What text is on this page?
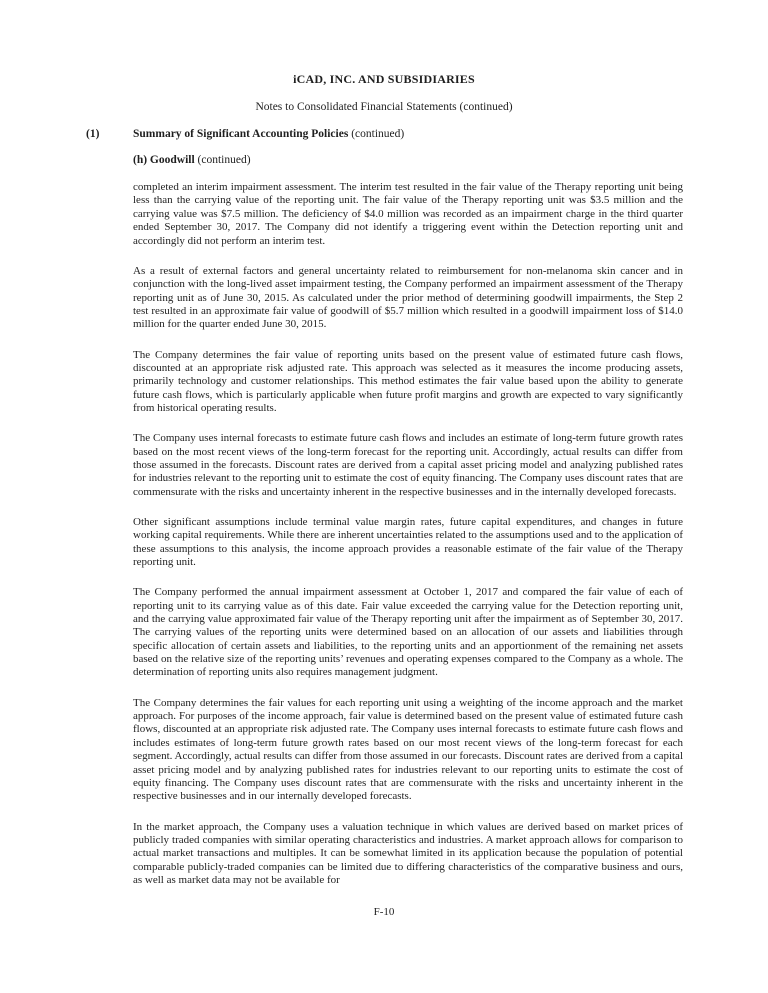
iCAD, INC. AND SUBSIDIARIES
Notes to Consolidated Financial Statements (continued)
(1)	Summary of Significant Accounting Policies (continued)
(h) Goodwill (continued)

completed an interim impairment assessment. The interim test resulted in the fair value of the Therapy reporting unit being less than the carrying value of the reporting unit. The fair value of the Therapy reporting unit was $3.5 million and the carrying value was $7.5 million. The deficiency of $4.0 million was recorded as an impairment charge in the third quarter ended September 30, 2017. The Company did not identify a triggering event within the Detection reporting unit and accordingly did not perform an interim test.

As a result of external factors and general uncertainty related to reimbursement for non-melanoma skin cancer and in conjunction with the long-lived asset impairment testing, the Company performed an impairment assessment of the Therapy reporting unit as of June 30, 2015. As calculated under the prior method of determining goodwill impairments, the Step 2 test resulted in an approximate fair value of goodwill of $5.7 million which resulted in a goodwill impairment loss of $14.0 million for the quarter ended June 30, 2015.

The Company determines the fair value of reporting units based on the present value of estimated future cash flows, discounted at an appropriate risk adjusted rate. This approach was selected as it measures the income producing assets, primarily technology and customer relationships. This method estimates the fair value based upon the ability to generate future cash flows, which is particularly applicable when future profit margins and growth are expected to vary significantly from historical operating results.

The Company uses internal forecasts to estimate future cash flows and includes an estimate of long-term future growth rates based on the most recent views of the long-term forecast for the reporting unit. Accordingly, actual results can differ from those assumed in the forecasts. Discount rates are derived from a capital asset pricing model and analyzing published rates for industries relevant to the reporting unit to estimate the cost of equity financing. The Company uses discount rates that are commensurate with the risks and uncertainty inherent in the respective businesses and in the internally developed forecasts.

Other significant assumptions include terminal value margin rates, future capital expenditures, and changes in future working capital requirements. While there are inherent uncertainties related to the assumptions used and to the application of these assumptions to this analysis, the income approach provides a reasonable estimate of the fair value of the Therapy reporting unit.

The Company performed the annual impairment assessment at October 1, 2017 and compared the fair value of each of reporting unit to its carrying value as of this date. Fair value exceeded the carrying value for the Detection reporting unit, and the carrying value approximated fair value of the Therapy reporting unit after the impairment as of September 30, 2017. The carrying values of the reporting units were determined based on an allocation of our assets and liabilities through specific allocation of certain assets and liabilities, to the reporting units and an apportionment of the remaining net assets based on the relative size of the reporting units’ revenues and operating expenses compared to the Company as a whole. The determination of reporting units also requires management judgment.

The Company determines the fair values for each reporting unit using a weighting of the income approach and the market approach. For purposes of the income approach, fair value is determined based on the present value of estimated future cash flows, discounted at an appropriate risk adjusted rate. The Company uses internal forecasts to estimate future cash flows and includes estimates of long-term future growth rates based on our most recent views of the long-term forecast for each segment. Accordingly, actual results can differ from those assumed in our forecasts. Discount rates are derived from a capital asset pricing model and by analyzing published rates for industries relevant to our reporting units to estimate the cost of equity financing. The Company uses discount rates that are commensurate with the risks and uncertainty inherent in the respective businesses and in our internally developed forecasts.

In the market approach, the Company uses a valuation technique in which values are derived based on market prices of publicly traded companies with similar operating characteristics and industries. A market approach allows for comparison to actual market transactions and multiples. It can be somewhat limited in its application because the population of potential comparable publicly-traded companies can be limited due to differing characteristics of the comparative business and ours, as well as market data may not be available for

F-10
